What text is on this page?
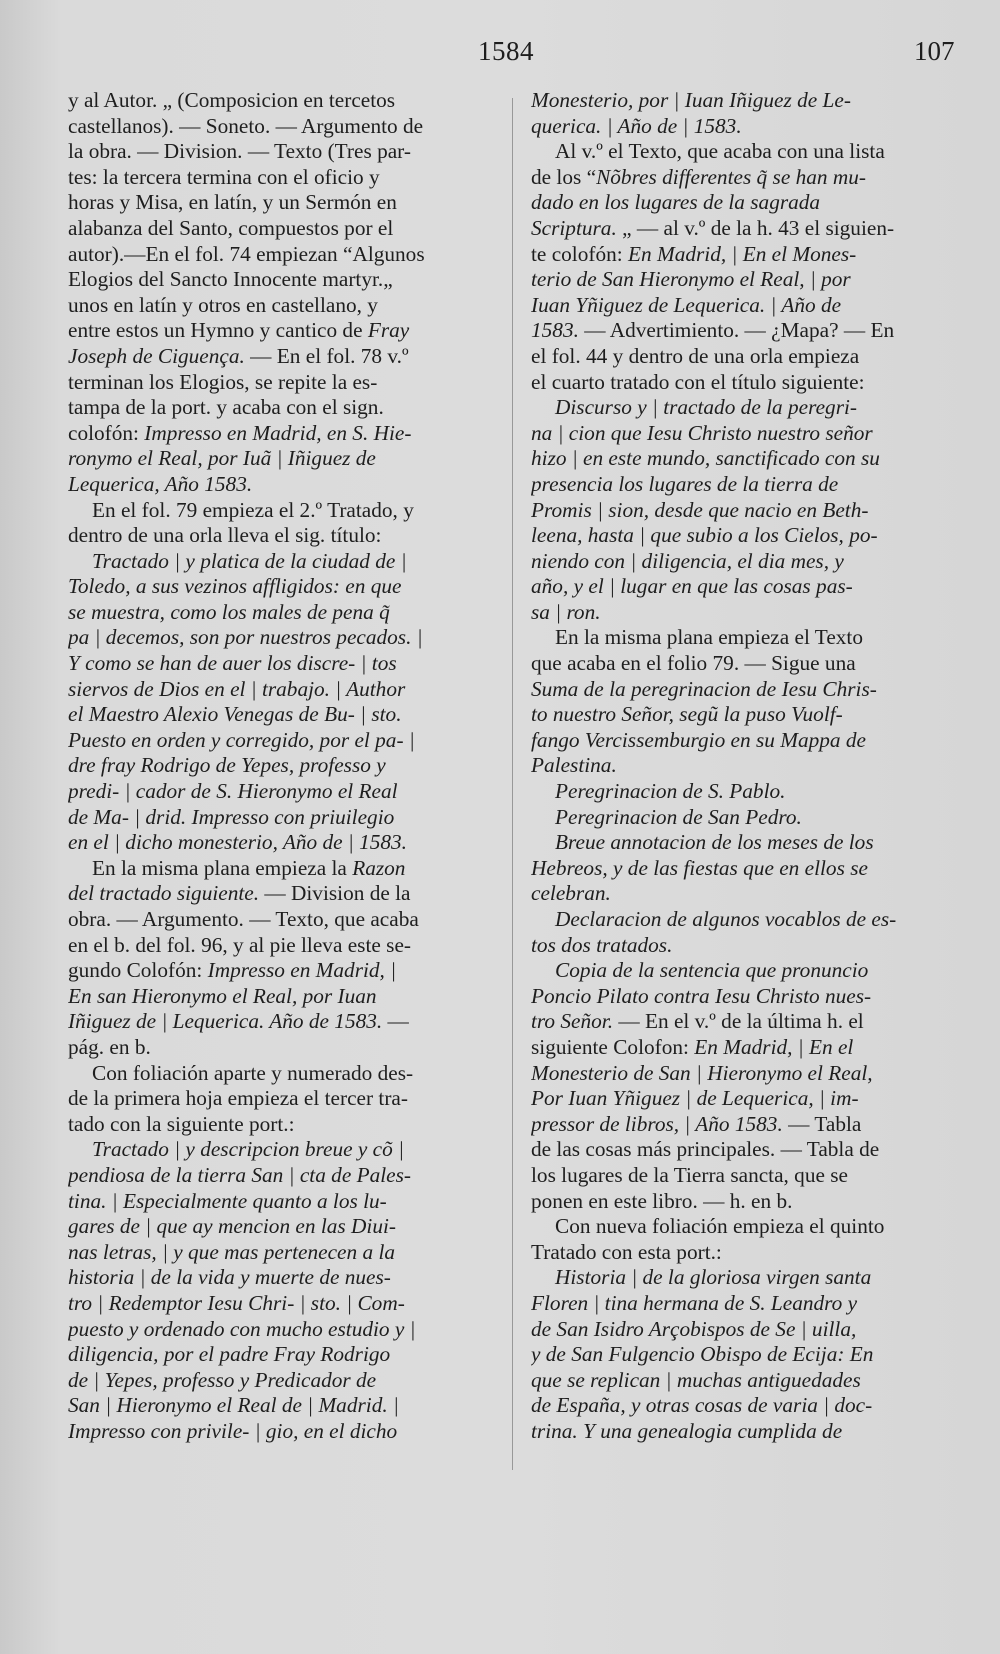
1584	107
y al Autor. „ (Composicion en tercetos
castellanos). — Soneto. — Argumento de
la obra. — Division. — Texto (Tres par-
tes: la tercera termina con el oficio y
horas y Misa, en latín, y un Sermón en
alabanza del Santo, compuestos por el
autor).—En el fol. 74 empiezan “Algunos
Elogios del Sancto Innocente martyr.„
unos en latín y otros en castellano, y
entre estos un Hymno y cantico de Fray
Joseph de Ciguença. — En el fol. 78 v.º
terminan los Elogios, se repite la es-
tampa de la port. y acaba con el sign.
colofón: Impresso en Madrid, en S. Hie-
ronymo el Real, por Iuã | Iñiguez de
Lequerica, Año 1583.
En el fol. 79 empieza el 2.º Tratado, y
dentro de una orla lleva el sig. título:
Tractado | y platica de la ciudad de |
Toledo, a sus vezinos affligidos: en que
se muestra, como los males de pena q̃
pa | decemos, son por nuestros pecados. |
Y como se han de auer los discre- | tos
siervos de Dios en el | trabajo. | Author
el Maestro Alexio Venegas de Bu- | sto.
Puesto en orden y corregido, por el pa- |
dre fray Rodrigo de Yepes, professo y
predi- | cador de S. Hieronymo el Real
de Ma- | drid. Impresso con priuilegio
en el | dicho monesterio, Año de | 1583.
En la misma plana empieza la Razon
del tractado siguiente. — Division de la
obra. — Argumento. — Texto, que acaba
en el b. del fol. 96, y al pie lleva este se-
gundo Colofón: Impresso en Madrid, |
En san Hieronymo el Real, por Iuan
Iñiguez de | Lequerica. Año de 1583. —
pág. en b.
Con foliación aparte y numerado des-
de la primera hoja empieza el tercer tra-
tado con la siguiente port.:
Tractado | y descripcion breue y cõ |
pendiosa de la tierra San | cta de Pales-
tina. | Especialmente quanto a los lu-
gares de | que ay mencion en las Diui-
nas letras, | y que mas pertenecen a la
historia | de la vida y muerte de nues-
tro | Redemptor Iesu Chri- | sto. | Com-
puesto y ordenado con mucho estudio y |
diligencia, por el padre Fray Rodrigo
de | Yepes, professo y Predicador de
San | Hieronymo el Real de | Madrid. |
Impresso con privile- | gio, en el dicho
Monesterio, por | Iuan Iñiguez de Le-
querica. | Año de | 1583.
Al v.º el Texto, que acaba con una lista
de los “Nõbres differentes q̃ se han mu-
dado en los lugares de la sagrada
Scriptura. „ — al v.º de la h. 43 el siguien-
te colofón: En Madrid, | En el Mones-
terio de San Hieronymo el Real, | por
Iuan Yñiguez de Lequerica. | Año de
1583. — Advertimiento. — ¿Mapa? — En
el fol. 44 y dentro de una orla empieza
el cuarto tratado con el título siguiente:
Discurso y | tractado de la peregri-
na | cion que Iesu Christo nuestro señor
hizo | en este mundo, sanctificado con su
presencia los lugares de la tierra de
Promis | sion, desde que nacio en Beth-
leena, hasta | que subio a los Cielos, po-
niendo con | diligencia, el dia mes, y
año, y el | lugar en que las cosas pas-
sa | ron.
En la misma plana empieza el Texto
que acaba en el folio 79. — Sigue una
Suma de la peregrinacion de Iesu Chris-
to nuestro Señor, segũ la puso Vuolf-
fango Vercissemburgio en su Mappa de
Palestina.
Peregrinacion de S. Pablo.
Peregrinacion de San Pedro.
Breue annotacion de los meses de los
Hebreos, y de las fiestas que en ellos se
celebran.
Declaracion de algunos vocablos de es-
tos dos tratados.
Copia de la sentencia que pronuncio
Poncio Pilato contra Iesu Christo nues-
tro Señor. — En el v.º de la última h. el
siguiente Colofon: En Madrid, | En el
Monesterio de San | Hieronymo el Real,
Por Iuan Yñiguez | de Lequerica, | im-
pressor de libros, | Año 1583. — Tabla
de las cosas más principales. — Tabla de
los lugares de la Tierra sancta, que se
ponen en este libro. — h. en b.
Con nueva foliación empieza el quinto
Tratado con esta port.:
Historia | de la gloriosa virgen santa
Floren | tina hermana de S. Leandro y
de San Isidro Arçobispos de Se | uilla,
y de San Fulgencio Obispo de Ecija: En
que se replican | muchas antiguedades
de España, y otras cosas de varia | doc-
trina. Y una genealogia cumplida de
